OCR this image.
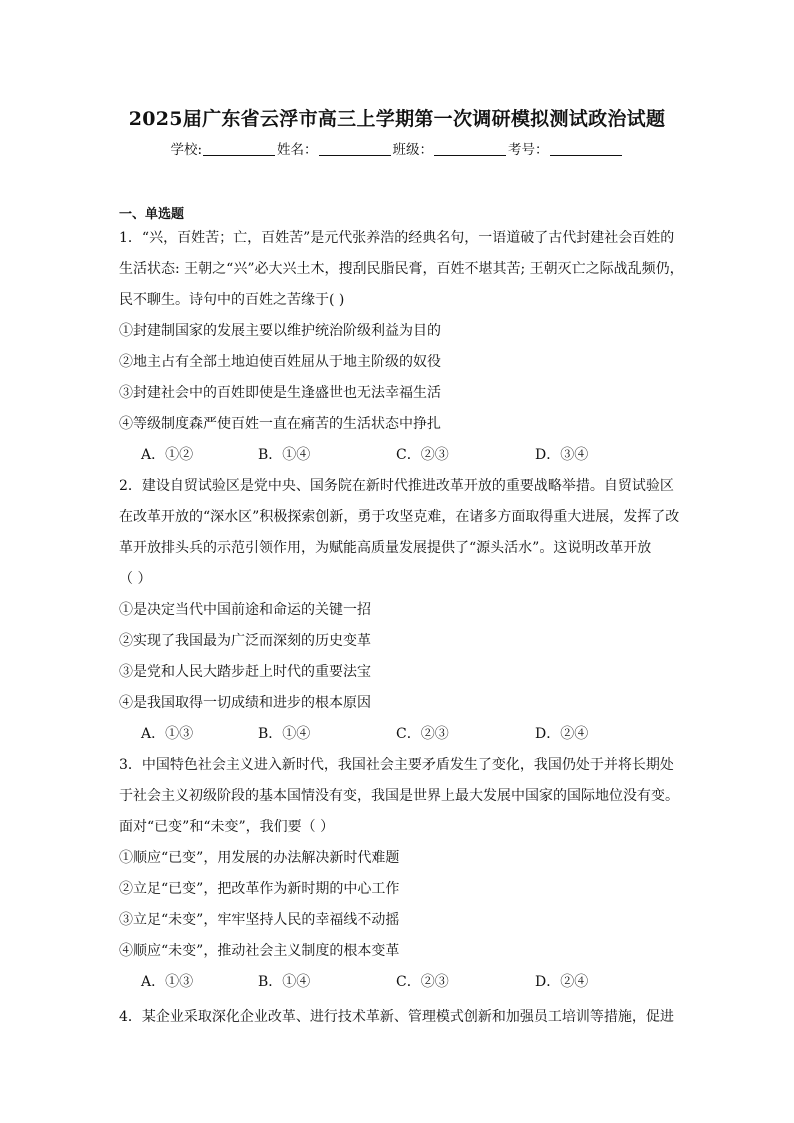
2025届广东省云浮市高三上学期第一次调研模拟测试政治试题
学校:	姓名：	班级：	考号：
一、单选题
1．“兴，百姓苦；亡，百姓苦”是元代张养浩的经典名句，一语道破了古代封建社会百姓的
生活状态: 王朝之“兴”必大兴土木，搜刮民脂民膏，百姓不堪其苦; 王朝灭亡之际战乱频仍，
民不聊生。诗句中的百姓之苦缘于( )
①封建制国家的发展主要以维护统治阶级利益为目的
②地主占有全部土地迫使百姓屈从于地主阶级的奴役
③封建社会中的百姓即使是生逢盛世也无法幸福生活
④等级制度森严使百姓一直在痛苦的生活状态中挣扎
A．①②	B．①④	C．②③	D．③④
2．建设自贸试验区是党中央、国务院在新时代推进改革开放的重要战略举措。自贸试验区
在改革开放的“深水区”积极探索创新，勇于攻坚克难，在诸多方面取得重大进展，发挥了改
革开放排头兵的示范引领作用，为赋能高质量发展提供了“源头活水”。这说明改革开放
（ ）
①是决定当代中国前途和命运的关键一招
②实现了我国最为广泛而深刻的历史变革
③是党和人民大踏步赶上时代的重要法宝
④是我国取得一切成绩和进步的根本原因
A．①③	B．①④	C．②③	D．②④
3．中国特色社会主义进入新时代，我国社会主要矛盾发生了变化，我国仍处于并将长期处
于社会主义初级阶段的基本国情没有变，我国是世界上最大发展中国家的国际地位没有变。
面对“已变”和“未变”，我们要（ ）
①顺应“已变”，用发展的办法解决新时代难题
②立足“已变”，把改革作为新时期的中心工作
③立足“未变”，牢牢坚持人民的幸福线不动摇
④顺应“未变”，推动社会主义制度的根本变革
A．①③	B．①④	C．②③	D．②④
4．某企业采取深化企业改革、进行技术革新、管理模式创新和加强员工培训等措施，促进
